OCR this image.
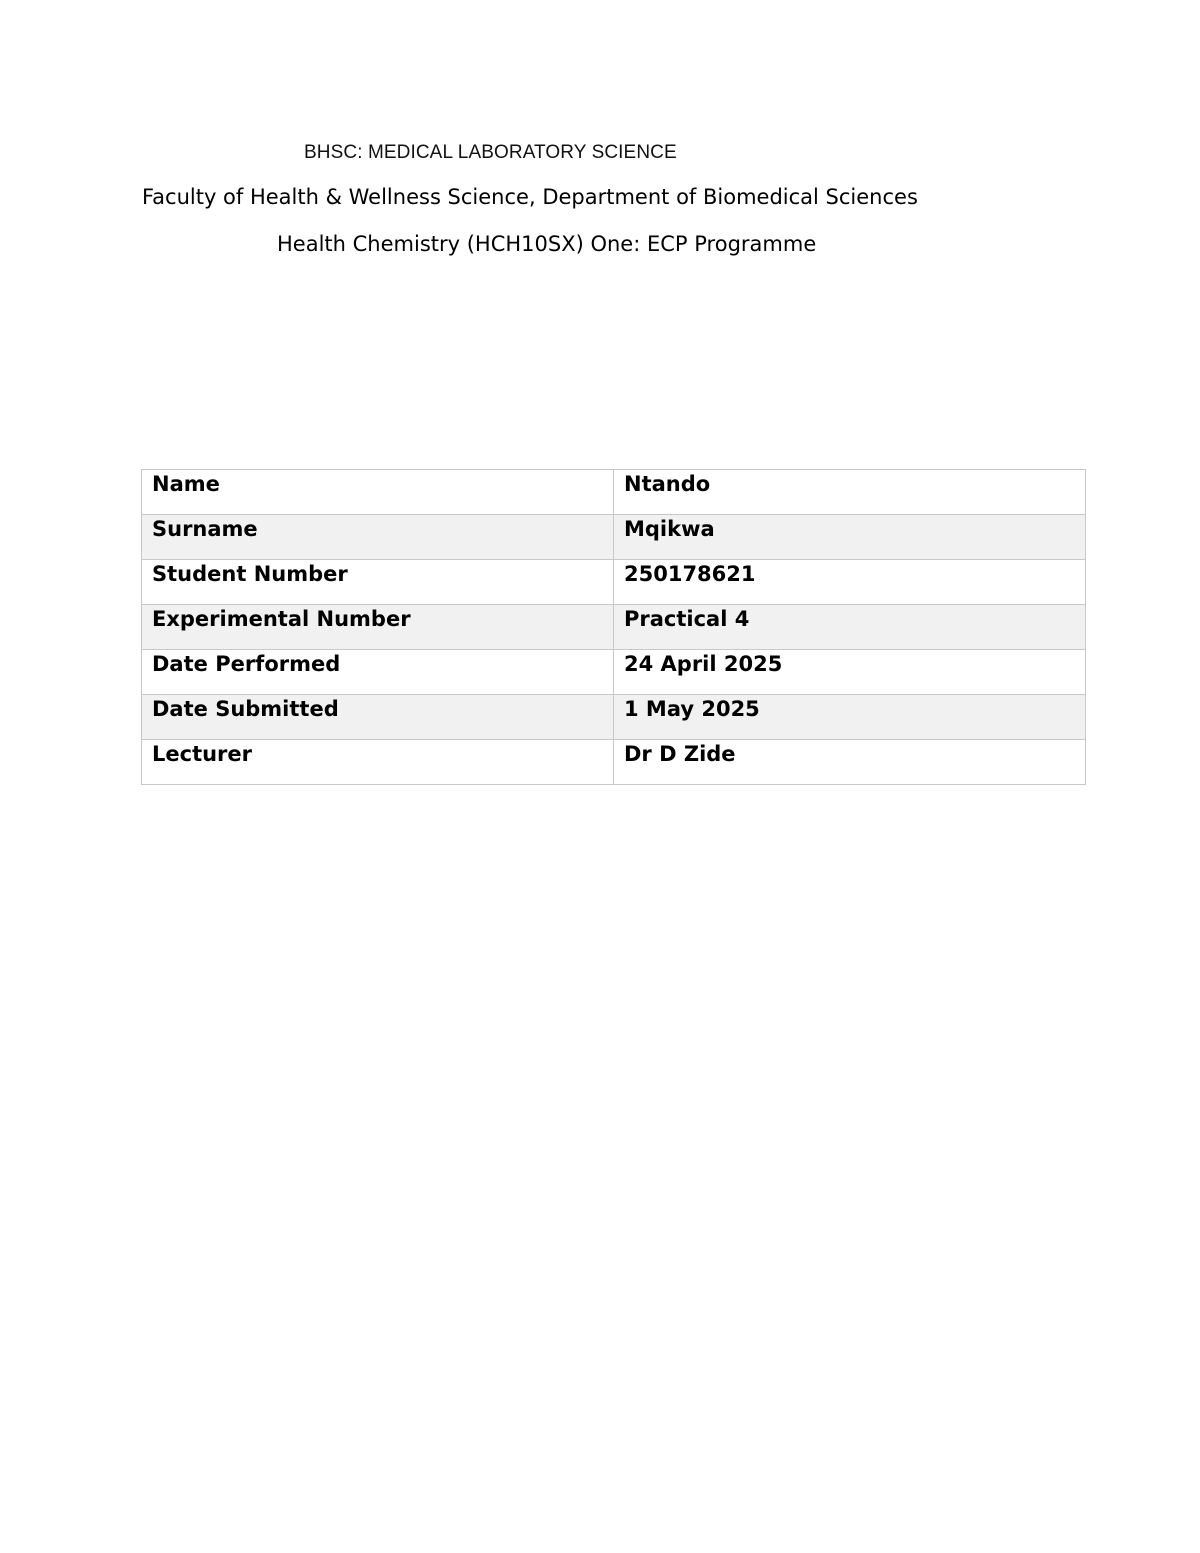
BHSC: MEDICAL LABORATORY SCIENCE
Faculty of Health & Wellness Science, Department of Biomedical Sciences
Health Chemistry (HCH10SX) One: ECP Programme
Name	Ntando
Surname	Mqikwa
Student Number	250178621
Experimental Number	Practical 4
Date Performed	24 April 2025
Date Submitted	1 May 2025
Lecturer	Dr D Zide
